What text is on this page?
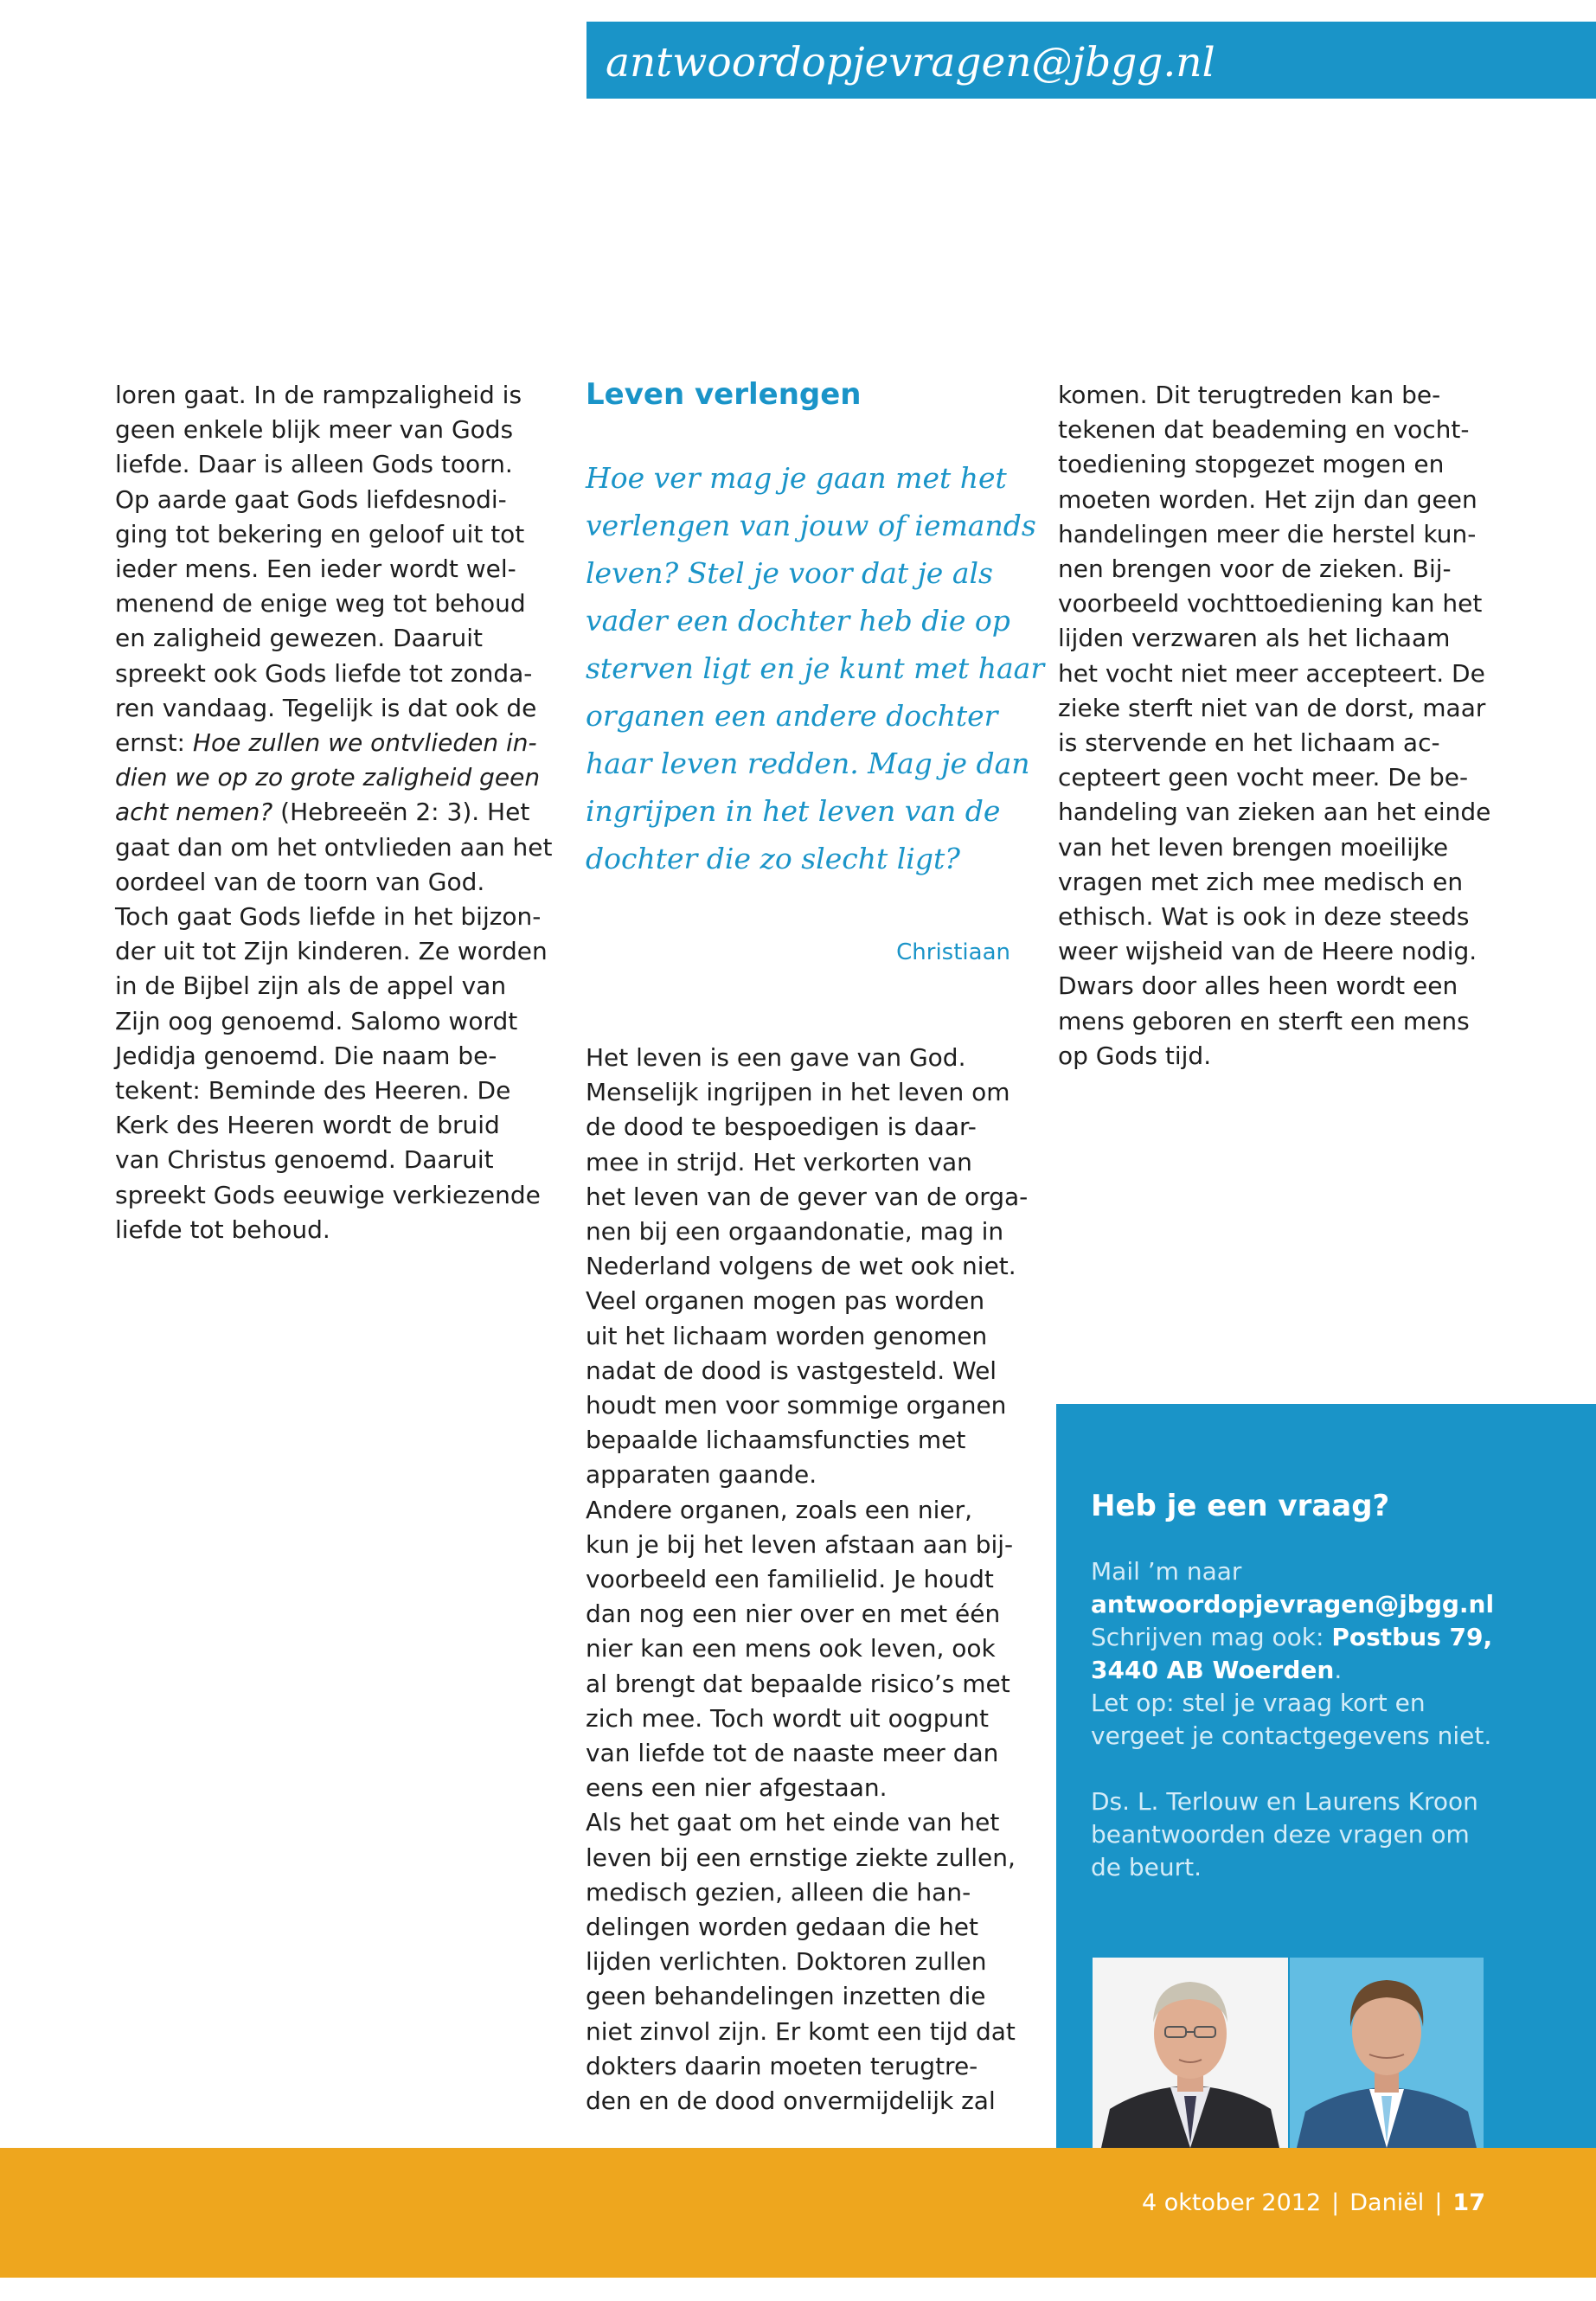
antwoordopjevragen@jbgg.nl
loren gaat. In de rampzaligheid is
geen enkele blijk meer van Gods
liefde. Daar is alleen Gods toorn.
Op aarde gaat Gods liefdesnodi-
ging tot bekering en geloof uit tot
ieder mens. Een ieder wordt wel-
menend de enige weg tot behoud
en zaligheid gewezen. Daaruit
spreekt ook Gods liefde tot zonda-
ren vandaag. Tegelijk is dat ook de
ernst: Hoe zullen we ontvlieden in-
dien we op zo grote zaligheid geen
acht nemen? (Hebreeën 2: 3). Het
gaat dan om het ontvlieden aan het
oordeel van de toorn van God.
Toch gaat Gods liefde in het bijzon-
der uit tot Zijn kinderen. Ze worden
in de Bijbel zijn als de appel van
Zijn oog genoemd. Salomo wordt
Jedidja genoemd. Die naam be-
tekent: Beminde des Heeren. De
Kerk des Heeren wordt de bruid
van Christus genoemd. Daaruit
spreekt Gods eeuwige verkiezende
liefde tot behoud.
Leven verlengen
Hoe ver mag je gaan met het
verlengen van jouw of iemands
leven? Stel je voor dat je als
vader een dochter heb die op
sterven ligt en je kunt met haar
organen een andere dochter
haar leven redden. Mag je dan
ingrijpen in het leven van de
dochter die zo slecht ligt?
Christiaan
Het leven is een gave van God.
Menselijk ingrijpen in het leven om
de dood te bespoedigen is daar-
mee in strijd. Het verkorten van
het leven van de gever van de orga-
nen bij een orgaandonatie, mag in
Nederland volgens de wet ook niet.
Veel organen mogen pas worden
uit het lichaam worden genomen
nadat de dood is vastgesteld. Wel
houdt men voor sommige organen
bepaalde lichaamsfuncties met
apparaten gaande.
Andere organen, zoals een nier,
kun je bij het leven afstaan aan bij-
voorbeeld een familielid. Je houdt
dan nog een nier over en met één
nier kan een mens ook leven, ook
al brengt dat bepaalde risico’s met
zich mee. Toch wordt uit oogpunt
van liefde tot de naaste meer dan
eens een nier afgestaan.
Als het gaat om het einde van het
leven bij een ernstige ziekte zullen,
medisch gezien, alleen die han-
delingen worden gedaan die het
lijden verlichten. Doktoren zullen
geen behandelingen inzetten die
niet zinvol zijn. Er komt een tijd dat
dokters daarin moeten terugtre-
den en de dood onvermijdelijk zal
komen. Dit terugtreden kan be-
tekenen dat beademing en vocht-
toediening stopgezet mogen en
moeten worden. Het zijn dan geen
handelingen meer die herstel kun-
nen brengen voor de zieken. Bij-
voorbeeld vochttoediening kan het
lijden verzwaren als het lichaam
het vocht niet meer accepteert. De
zieke sterft niet van de dorst, maar
is stervende en het lichaam ac-
cepteert geen vocht meer. De be-
handeling van zieken aan het einde
van het leven brengen moeilijke
vragen met zich mee medisch en
ethisch. Wat is ook in deze steeds
weer wijsheid van de Heere nodig.
Dwars door alles heen wordt een
mens geboren en sterft een mens
op Gods tijd.
Heb je een vraag?
Mail ’m naar
antwoordopjevragen@jbgg.nl
Schrijven mag ook: Postbus 79,
3440 AB Woerden.
Let op: stel je vraag kort en
vergeet je contactgegevens niet.
Ds. L. Terlouw en Laurens Kroon
beantwoorden deze vragen om
de beurt.
4 oktober 2012 | Daniël | 17
